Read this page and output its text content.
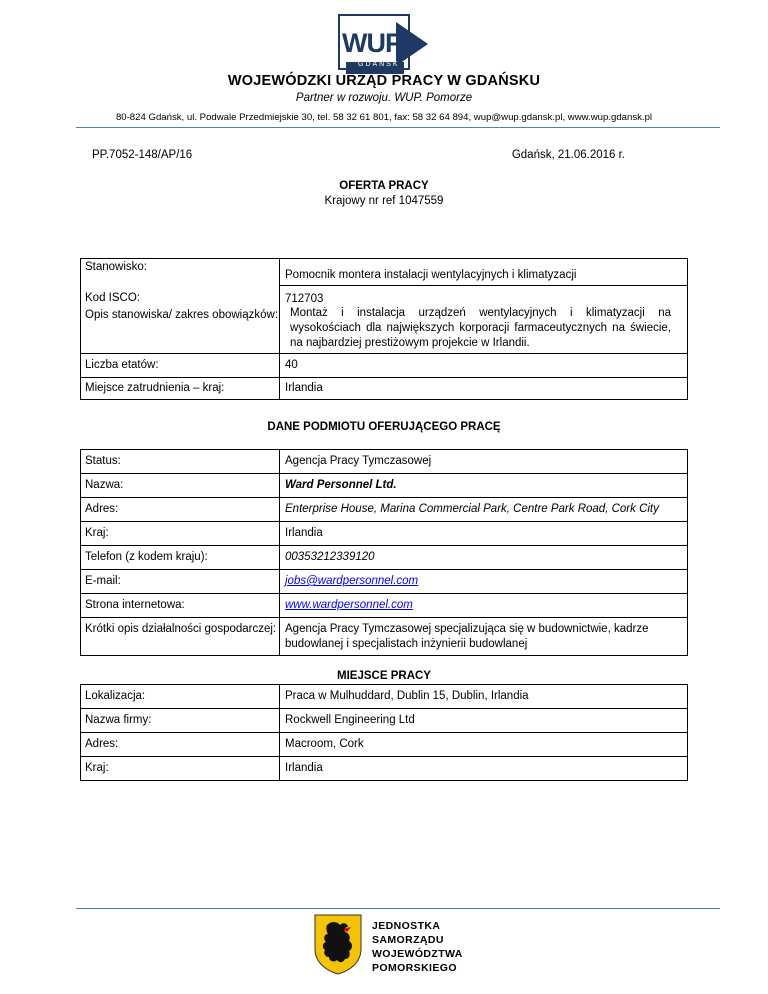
WUP
GDANSK
WOJEWÓDZKI URZĄD PRACY W GDAŃSKU
Partner w rozwoju. WUP. Pomorze
80-824 Gdańsk, ul. Podwale Przedmiejskie 30, tel. 58 32 61 801, fax: 58 32 64 894, wup@wup.gdansk.pl, www.wup.gdansk.pl
PP.7052-148/AP/16	Gdańsk, 21.06.2016 r.
OFERTA PRACY
Krajowy nr ref 1047559
Stanowisko:	Pomocnik montera instalacji wentylacyjnych i klimatyzacji
Kod ISCO:	712703
Opis stanowiska/ zakres obowiązków:	Montaż i instalacja urządzeń wentylacyjnych i klimatyzacji na wysokościach dla największych korporacji farmaceutycznych na świecie, na najbardziej prestiżowym projekcie w Irlandii.
Liczba etatów:	40
Miejsce zatrudnienia – kraj:	Irlandia
DANE PODMIOTU OFERUJĄCEGO PRACĘ
Status:	Agencja Pracy Tymczasowej
Nazwa:	Ward Personnel Ltd.
Adres:	Enterprise House, Marina Commercial Park, Centre Park Road, Cork City
Kraj:	Irlandia
Telefon (z kodem kraju):	00353212339120
E-mail:	jobs@wardpersonnel.com
Strona internetowa:	www.wardpersonnel.com
Krótki opis działalności gospodarczej:	Agencja Pracy Tymczasowej specjalizująca się w budownictwie, kadrze budowlanej i specjalistach inżynierii budowlanej
MIEJSCE PRACY
Lokalizacja:	Praca w Mulhuddard, Dublin 15, Dublin, Irlandia
Nazwa firmy:	Rockwell Engineering Ltd
Adres:	Macroom, Cork
Kraj:	Irlandia
JEDNOSTKA
SAMORZĄDU
WOJEWÓDZTWA
POMORSKIEGO
